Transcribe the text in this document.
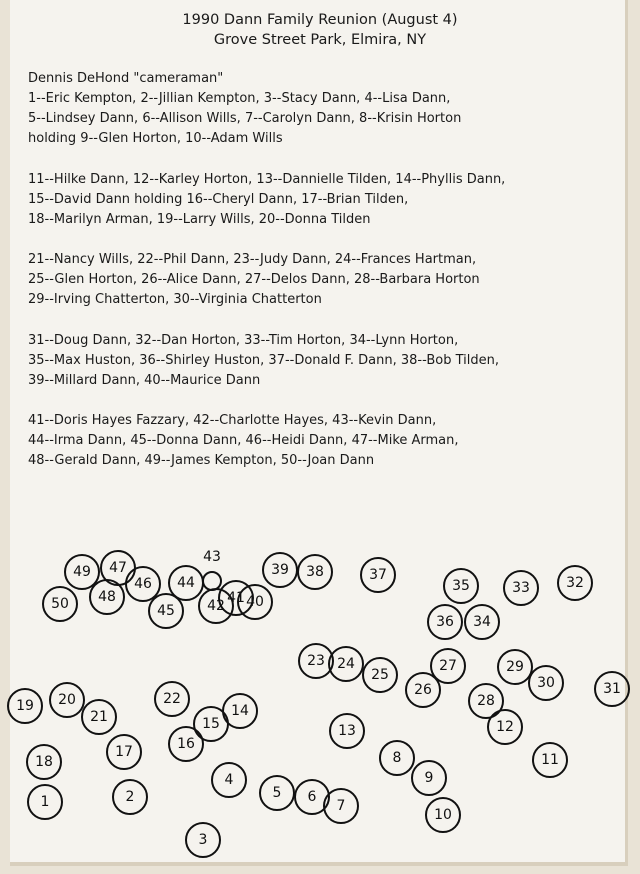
1990 Dann Family Reunion (August 4)
Grove Street Park, Elmira, NY
Dennis DeHond "cameraman"
1--Eric Kempton, 2--Jillian Kempton, 3--Stacy Dann, 4--Lisa Dann,
5--Lindsey Dann, 6--Allison Wills, 7--Carolyn Dann, 8--Krisin Horton
holding 9--Glen Horton, 10--Adam Wills
11--Hilke Dann, 12--Karley Horton, 13--Dannielle Tilden, 14--Phyllis Dann,
15--David Dann holding 16--Cheryl Dann, 17--Brian Tilden,
18--Marilyn Arman, 19--Larry Wills, 20--Donna Tilden
21--Nancy Wills, 22--Phil Dann, 23--Judy Dann, 24--Frances Hartman,
25--Glen Horton, 26--Alice Dann, 27--Delos Dann, 28--Barbara Horton
29--Irving Chatterton, 30--Virginia Chatterton
31--Doug Dann, 32--Dan Horton, 33--Tim Horton, 34--Lynn Horton,
35--Max Huston, 36--Shirley Huston, 37--Donald F. Dann, 38--Bob Tilden,
39--Millard Dann, 40--Maurice Dann
41--Doris Hayes Fazzary, 42--Charlotte Hayes, 43--Kevin Dann,
44--Irma Dann, 45--Donna Dann, 46--Heidi Dann, 47--Mike Arman,
48--Gerald Dann, 49--James Kempton, 50--Joan Dann
1	2
3
4
5 6
7
8
9
10
11
12
13
14
15
16
17
18
19 20
21
22
23 24
25
26
27
28
29
30	31
32
33
34
35
36
37
38
39
40
41
42
43
44
45
46
47
48
49
50
